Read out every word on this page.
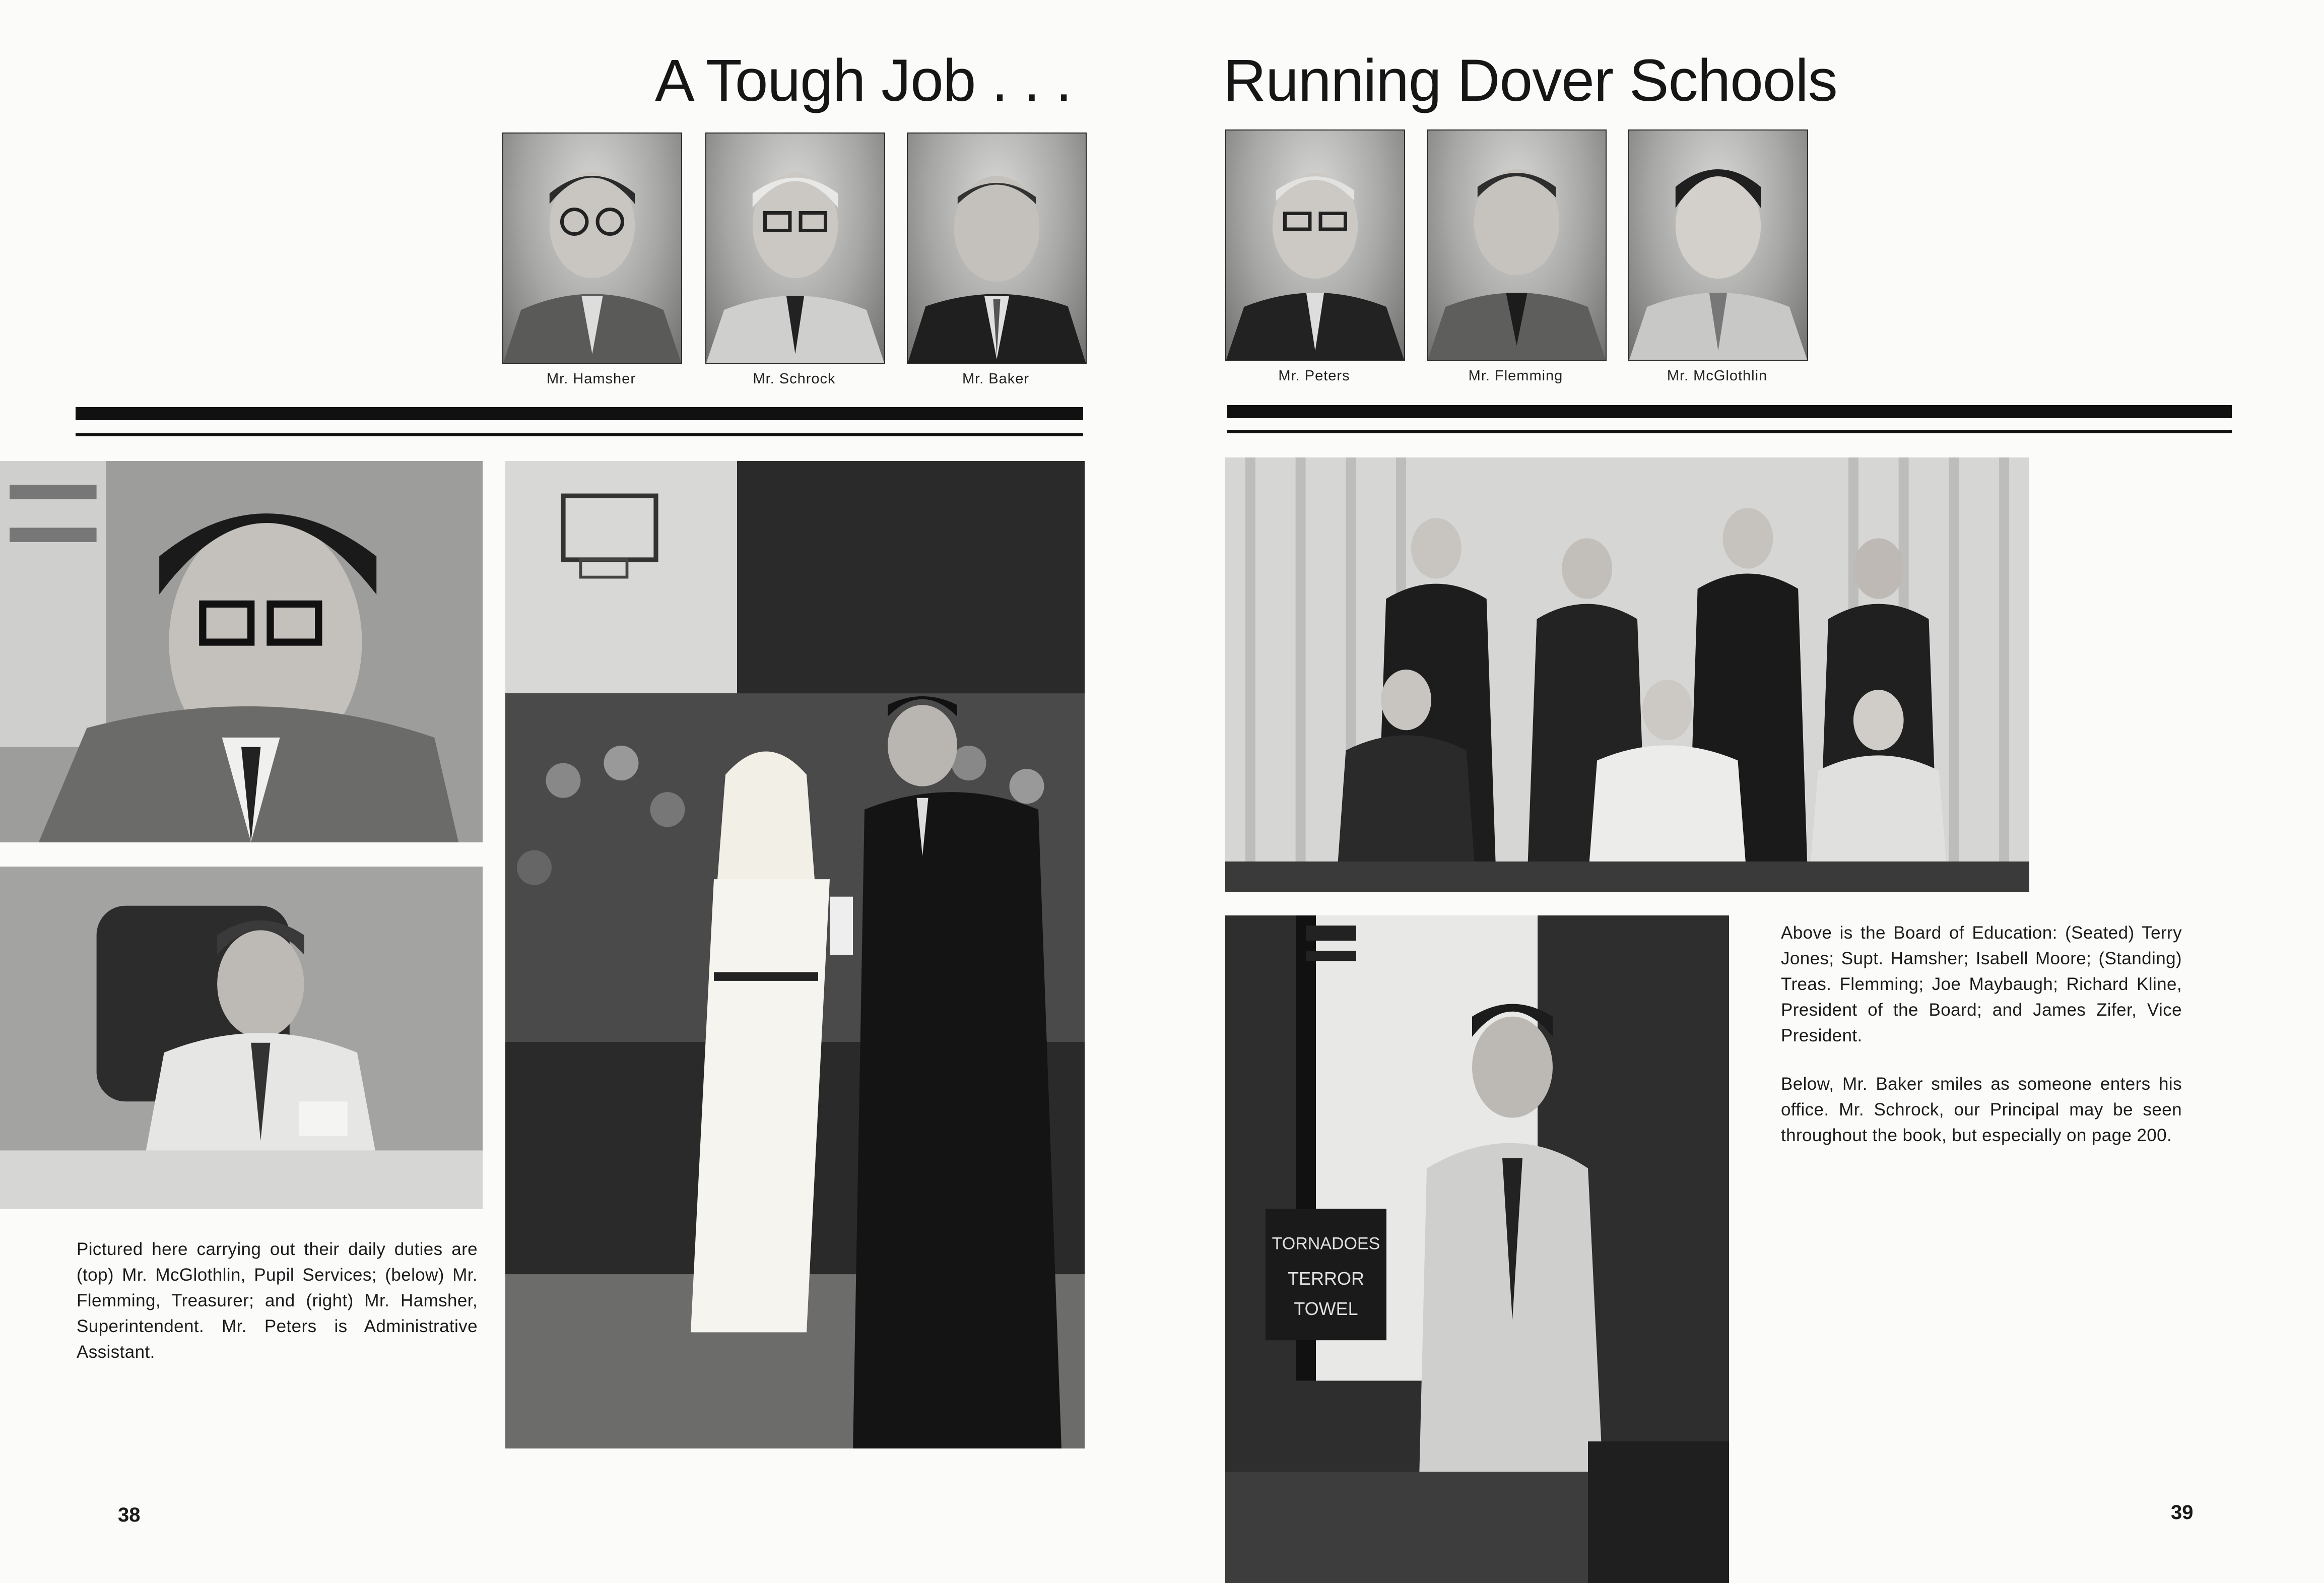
A Tough Job . . .	Running Dover Schools
Mr. Hamsher	Mr. Schrock	Mr. Baker	Mr. Peters	Mr. Flemming	Mr. McGlothlin
Pictured here carrying out their daily duties are (top) Mr. McGlothlin, Pupil Services; (below) Mr. Flemming, Treasurer; and (right) Mr. Hamsher, Superintendent. Mr. Peters is Administrative Assistant.
TORNADOES
TERROR
TOWEL
Above is the Board of Education: (Seated) Terry Jones; Supt. Hamsher; Isabell Moore; (Standing) Treas. Flemming; Joe Maybaugh; Richard Kline, President of the Board; and James Zifer, Vice President.
Below, Mr. Baker smiles as someone enters his office. Mr. Schrock, our Principal may be seen throughout the book, but especially on page 200.
38	39
